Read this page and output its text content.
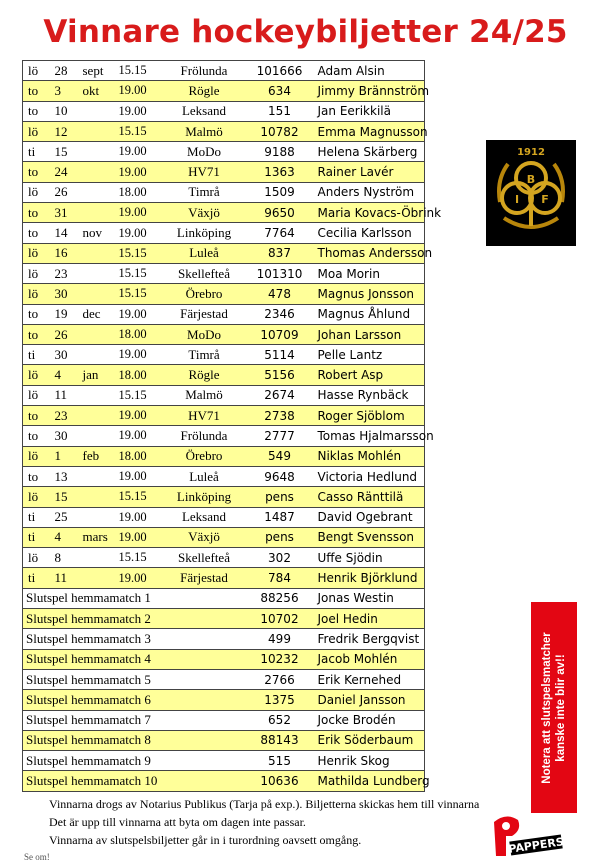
Vinnare hockeybiljetter 24/25
lö	28	sept	15.15	Frölunda	101666	Adam Alsin
to	3	okt	19.00	Rögle	634	Jimmy Brännström
to	10		19.00	Leksand	151	Jan Eerikkilä
lö	12		15.15	Malmö	10782	Emma Magnusson
ti	15		19.00	MoDo	9188	Helena Skärberg
to	24		19.00	HV71	1363	Rainer Lavér
lö	26		18.00	Timrå	1509	Anders Nyström
to	31		19.00	Växjö	9650	Maria Kovacs-Öbrink
to	14	nov	19.00	Linköping	7764	Cecilia Karlsson
lö	16		15.15	Luleå	837	Thomas Andersson
lö	23		15.15	Skellefteå	101310	Moa Morin
lö	30		15.15	Örebro	478	Magnus Jonsson
to	19	dec	19.00	Färjestad	2346	Magnus Åhlund
to	26		18.00	MoDo	10709	Johan Larsson
ti	30		19.00	Timrå	5114	Pelle Lantz
lö	4	jan	18.00	Rögle	5156	Robert Asp
lö	11		15.15	Malmö	2674	Hasse Rynbäck
to	23		19.00	HV71	2738	Roger Sjöblom
to	30		19.00	Frölunda	2777	Tomas Hjalmarsson
lö	1	feb	18.00	Örebro	549	Niklas Mohlén
to	13		19.00	Luleå	9648	Victoria Hedlund
lö	15		15.15	Linköping	pens	Casso Ränttilä
ti	25		19.00	Leksand	1487	David Ogebrant
ti	4	mars	19.00	Växjö	pens	Bengt Svensson
lö	8		15.15	Skellefteå	302	Uffe Sjödin
ti	11		19.00	Färjestad	784	Henrik Björklund
Slutspel hemmamatch 1					88256	Jonas Westin
Slutspel hemmamatch 2					10702	Joel Hedin
Slutspel hemmamatch 3					499	Fredrik Bergqvist
Slutspel hemmamatch 4					10232	Jacob Mohlén
Slutspel hemmamatch 5					2766	Erik Kernehed
Slutspel hemmamatch 6					1375	Daniel Jansson
Slutspel hemmamatch 7					652	Jocke Brodén
Slutspel hemmamatch 8					88143	Erik Söderbaum
Slutspel hemmamatch 9					515	Henrik Skog
Slutspel hemmamatch 10					10636	Mathilda Lundberg
1912
B
I F
Notera att slutspelsmatcher kanske inte blir av!!

Vinnarna drogs av Notarius Publikus (Tarja på exp.). Biljetterna skickas hem till vinnarna

Det är upp till vinnarna att byta om dagen inte passar.

Vinnarna av slutspelsbiljetter går in i turordning oavsett omgång.	PAPPERS
Se om!
